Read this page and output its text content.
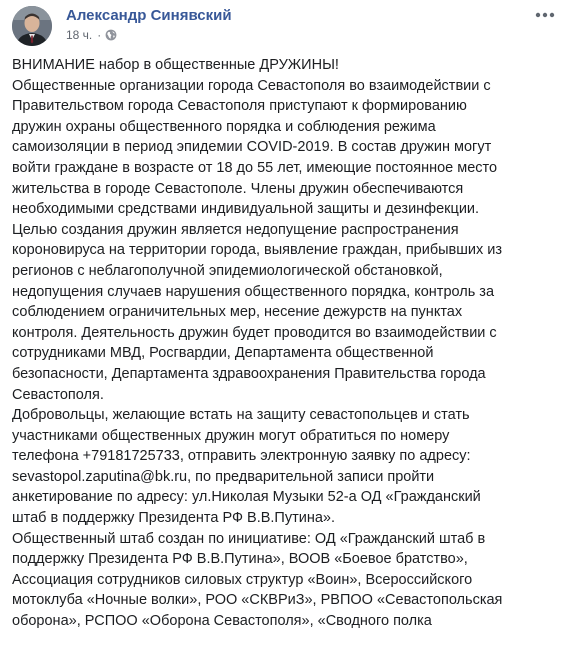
Александр Синявский
18 ч. ·
ВНИМАНИЕ набор в общественные ДРУЖИНЫ!
Общественные организации города Севастополя во взаимодействии с
Правительством города Севастополя приступают к формированию
дружин охраны общественного порядка и соблюдения режима
самоизоляции в период эпидемии COVID-2019. В состав дружин могут
войти граждане в возрасте от 18 до 55 лет, имеющие постоянное место
жительства в городе Севастополе. Члены дружин обеспечиваются
необходимыми средствами индивидуальной защиты и дезинфекции.
Целью создания дружин является недопущение распространения
короновируса на территории города, выявление граждан, прибывших из
регионов с неблагополучной эпидемиологической обстановкой,
недопущения случаев нарушения общественного порядка, контроль за
соблюдением ограничительных мер, несение дежурств на пунктах
контроля. Деятельность дружин будет проводится во взаимодействии с
сотрудниками МВД, Росгвардии, Департамента общественной
безопасности, Департамента здравоохранения Правительства города
Севастополя.
Добровольцы, желающие встать на защиту севастопольцев и стать
участниками общественных дружин могут обратиться по номеру
телефона +79181725733, отправить электронную заявку по адресу:
sevastopol.zaputina@bk.ru, по предварительной записи пройти
анкетирование по адресу: ул.Николая Музыки 52-а ОД «Гражданский
штаб в поддержку Президента РФ В.В.Путина».
Общественный штаб создан по инициативе: ОД «Гражданский штаб в
поддержку Президента РФ В.В.Путина», ВООВ «Боевое братство»,
Ассоциация сотрудников силовых структур «Воин», Всероссийского
мотоклуба «Ночные волки», РОО «СКВРиЗ», РВПОО «Севастопольская
оборона», РСПОО «Оборона Севастополя», «Сводного полка
